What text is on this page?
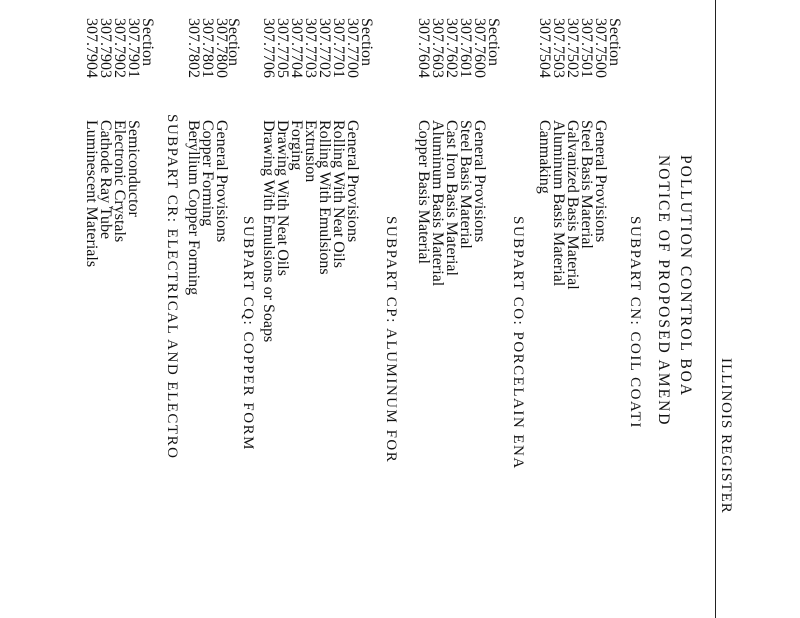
ILLINOIS REGISTER
POLLUTION CONTROL BOA
NOTICE OF PROPOSED AMEND
SUBPART CN: COIL COATI
Section
307.7500
General Provisions
307.7501
Steel Basis Material
307.7502
Galvanized Basis Material
307.7503
Aluminum Basis Material
307.7504
Canmaking
SUBPART CO: PORCELAIN ENA
Section
307.7600
General Provisions
307.7601
Steel Basis Material
307.7602
Cast Iron Basis Material
307.7603
Aluminum Basis Material
307.7604
Copper Basis Material
SUBPART CP: ALUMINUM FOR
Section
307.7700
General Provisions
307.7701
Rolling With Neat Oils
307.7702
Rolling With Emulsions
307.7703
Extrusion
307.7704
Forging
307.7705
Drawing With Neat Oils
307.7706
Drawing With Emulsions or Soaps
SUBPART CQ: COPPER FORM
Section
307.7800
General Provisions
307.7801
Copper Forming
307.7802
Beryllium Copper Forming
SUBPART CR: ELECTRICAL AND ELECTRO
Section
307.7901
Semiconductor
307.7902
Electronic Crystals
307.7903
Cathode Ray Tube
307.7904
Luminescent Materials
